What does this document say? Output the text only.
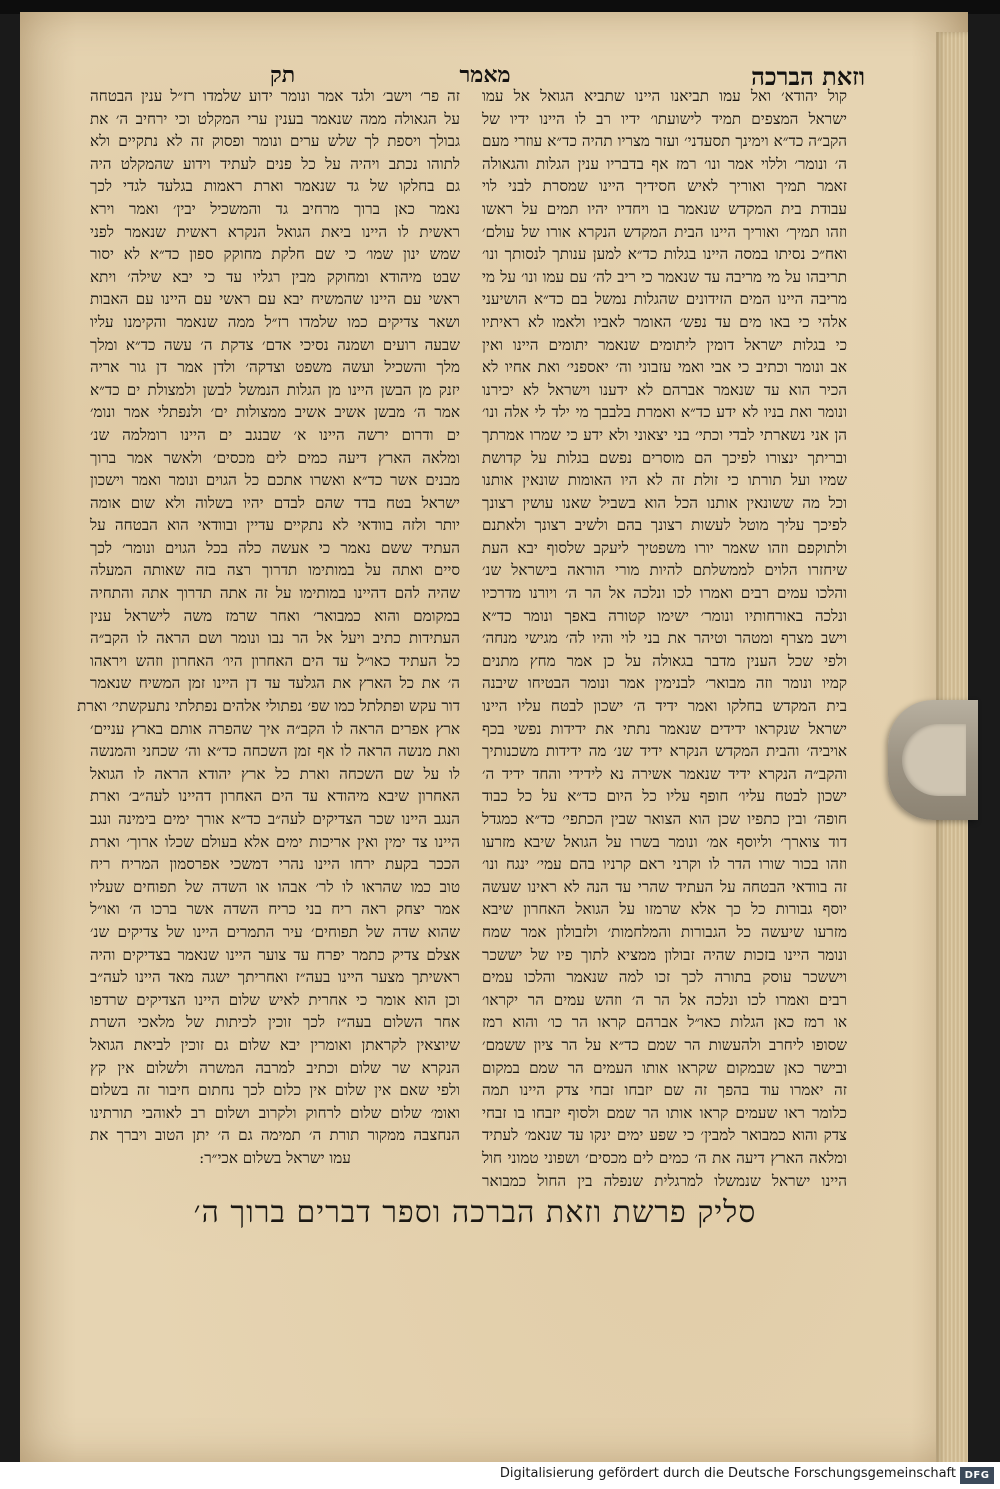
וזאת הברכה
מאמר
תק
קול יהודא׳ ואל עמו תביאנו היינו שתביא הגואל אל עמו
ישראל המצפים תמיד לישועתו׳ ידיו רב לו היינו ידיו של
הקב״ה כד״א וימינך תסעדני׳ ועזר מצריו תהיה כד״א עוזרי מעם
ה׳ ונומר׳ וללוי אמר ונו׳ רמז אף בדבריו ענין הגלות והגאולה
זאמר תמיך ואוריך לאיש חסידיך היינו שמסרת לבני לוי
עבודת בית המקדש שנאמר בו ויחדיו יהיו תמים על ראשו
וזהו תמיך׳ ואוריך היינו הבית המקדש הנקרא אורו של עולם׳
ואח״כ נסיתו במסה היינו בגלות כד״א למען ענותך לנסותך ונו׳
תריבהו על מי מריבה עד שנאמר כי ריב לה׳ עם עמו ונו׳ על מי
מריבה היינו המים הזידונים שהגלות נמשל בם כד״א הושיעני
אלהי כי באו מים עד נפש׳ האומר לאביו ולאמו לא ראיתיו
כי בגלות ישראל דומין ליתומים שנאמר יתומים היינו ואין
אב ונומר וכתיב כי אבי ואמי עזבוני וה׳ יאספני׳ ואת אחיו לא
הכיר הוא עד שנאמר אברהם לא ידענו וישראל לא יכירנו
ונומר ואת בניו לא ידע כד״א ואמרת בלבבך מי ילד לי אלה ונו׳
הן אני נשארתי לבדי וכתי׳ בני יצאוני ולא ידע כי שמרו אמרתך
ובריתך ינצורו לפיכך הם מוסרים נפשם בגלות על קדושת
שמיו ועל תורתו כי זולת זה לא היו האומות שונאין אותנו
וכל מה ששונאין אותנו הכל הוא בשביל שאנו עושין רצונך
לפיכך עליך מוטל לעשות רצונך בהם ולשיב רצונך ולאתנם
ולתוקפם וזהו שאמר יורו משפטיך ליעקב שלסוף יבא העת
שיחזרו הלוים לממשלתם להיות מורי הוראה בישראל שנ׳
והלכו עמים רבים ואמרו לכו ונלכה אל הר ה׳ ויורנו מדרכיו
ונלכה באורחותיו ונומר׳ ישימו קטורה באפך ונומר כד״א
וישב מצרף ומטהר וטיהר את בני לוי והיו לה׳ מגישי מנחה׳
ולפי שכל הענין מדבר בגאולה על כן אמר מחץ מתנים
קמיו ונומר וזה מבואר׳ לבנימין אמר ונומר הבטיחו שיבנה
בית המקדש בחלקו ואמר ידיד ה׳ ישכון לבטח עליו היינו
ישראל שנקראו ידידים שנאמר נתתי את ידידות נפשי בכף
אויביה׳ והבית המקדש הנקרא ידיד שנ׳ מה ידידות משכנותיך
והקב״ה הנקרא ידיד שנאמר אשירה נא לידידי והחד ידיד ה׳
ישכון לבטח עליו׳ חופף עליו כל היום כד״א על כל כבוד
חופה׳ ובין כתפיו שכן הוא הצואר שבין הכתפי׳ כד״א כמגדל
דוד צוארך׳ וליוסף אמ׳ ונומר בשרו על הגואל שיבא מזרעו
וזהו בכור שורו הדר לו וקרני ראם קרניו בהם עמי׳ ינגח ונו׳
זה בוודאי הבטחה על העתיד שהרי עד הנה לא ראינו שעשה
יוסף גבורות כל כך אלא שרמזו על הגואל האחרון שיבא
מזרעו שיעשה כל הגבורות והמלחמות׳ ולזבולון אמר שמח
ונומר היינו בזכות שהיה זבולון ממציא לתוך פיו של יששכר
ויששכר עוסק בתורה לכך זכו למה שנאמר והלכו עמים
רבים ואמרו לכו ונלכה אל הר ה׳ וזהש עמים הר יקראו׳
או רמז כאן הגלות כאו״ל אברהם קראו הר כו׳ והוא רמז
שסופו ליחרב ולהעשות הר שמם כד״א על הר ציון ששמם׳
ובישר כאן שבמקום שקראו אותו העמים הר שמם במקום
זה יאמרו עוד בהפך זה שם יזבחו זבחי צדק היינו תמה
כלומר ראו שעמים קראו אותו הר שמם ולסוף יזבחו בו זבחי
צדק והוא כמבואר למבין׳ כי שפע ימים ינקו עד שנאמ׳ לעתיד
ומלאה הארץ דיעה את ה׳ כמים לים מכסים׳ ושפוני טמוני חול
היינו ישראל שנמשלו למרגלית שנפלה בין החול כמבואר
זה פר׳ וישב׳ ולגד אמר ונומר ידוע שלמדו רז״ל ענין הבטחה
על הגאולה ממה שנאמר בענין ערי המקלט וכי ירחיב ה׳ את
גבולך ויספת לך שלש ערים ונומר ופסוק זה לא נתקיים ולא
לתוהו נכתב ויהיה על כל פנים לעתיד וידוע שהמקלט היה
גם בחלקו של גד שנאמר וארת ראמות בגלעד לגדי לכך
נאמר כאן ברוך מרחיב גד והמשכיל יבין׳ ואמר וירא
ראשית לו היינו ביאת הגואל הנקרא ראשית שנאמר לפני
שמש ינון שמו׳ כי שם חלקת מחוקק ספון כד״א לא יסור
שבט מיהודא ומחוקק מבין רגליו עד כי יבא שילה׳ ויתא
ראשי עם היינו שהמשיח יבא עם ראשי עם היינו עם האבות
ושאר צדיקים כמו שלמדו רז״ל ממה שנאמר והקימנו עליו
שבעה רועים ושמנה נסיכי אדם׳ צדקת ה׳ עשה כד״א ומלך
מלך והשכיל ועשה משפט וצדקה׳ ולדן אמר דן גור אריה
יזנק מן הבשן היינו מן הגלות הנמשל לבשן ולמצולת ים כד״א
אמר ה׳ מבשן אשיב אשיב ממצולות ים׳ ולנפתלי אמר ונומ׳
ים ודרום ירשה היינו א׳ שבנגב ים היינו רומלמה שנ׳
ומלאה הארץ דיעה כמים לים מכסים׳ ולאשר אמר ברוך
מבנים אשר כד״א ואשרו אתכם כל הגוים ונומר ואמר וישכון
ישראל בטח בדד שהם לבדם יהיו בשלוה ולא שום אומה
יותר ולזה בוודאי לא נתקיים עדיין ובוודאי הוא הבטחה על
העתיד ששם נאמר כי אעשה כלה בכל הגוים ונומר׳ לכך
סיים ואתה על במותימו תדרוך רצה בזה שאותה המעלה
שהיה להם דהיינו במותימו על זה אתה תדרוך אתה והתחיה
במקומם והוא כמבואר׳ ואחר שרמז משה לישראל ענין
העתידות כתיב ויעל אל הר נבו ונומר ושם הראה לו הקב״ה
כל העתיד כאו״ל עד הים האחרון היו׳ האחרון וזהש ויראהו
ה׳ את כל הארץ את הגלעד עד דן היינו זמן המשיח שנאמר
דור עקש ופתלתל כמו שפ׳ נפתולי אלהים נפתלתי נתעקשתי׳ וארת
ארץ אפרים הראה לו הקב״ה איך שהפרה אותם בארץ עניים׳
ואת מנשה הראה לו אף זמן השכחה כד״א וה׳ שכחני והמנשה
לו על שם השכחה וארת כל ארץ יהודא הראה לו הגואל
האחרון שיבא מיהודא עד הים האחרון דהיינו לעה״ב׳ וארת
הנגב היינו שכר הצדיקים לעה״ב כד״א אורך ימים בימינה ונגב
היינו צד ימין ואין אריכות ימים אלא בעולם שכלו ארוך׳ וארת
הככר בקעת ירחו היינו נהרי דמשכי אפרסמון המריח ריח
טוב כמו שהראו לו לר׳ אבהו או השדה של תפוחים שעליו
אמר יצחק ראה ריח בני כריח השדה אשר ברכו ה׳ ואו״ל
שהוא שדה של תפוחים׳ עיר התמרים היינו של צדיקים שנ׳
אצלם צדיק כתמר יפרח עד צוער היינו שנאמר בצדיקים והיה
ראשיתך מצער היינו בעה״ז ואחריתך ישגה מאד היינו לעה״ב
וכן הוא אומר כי אחרית לאיש שלום היינו הצדיקים שרדפו
אחר השלום בעה״ז לכך זוכין לכיתות של מלאכי השרת
שיוצאין לקראתן ואומרין יבא שלום גם זוכין לביאת הגואל
הנקרא שר שלום וכתיב למרבה המשרה ולשלום אין קץ
ולפי שאם אין שלום אין כלום לכך נחתום חיבור זה בשלום
ואומ׳ שלום שלום לרחוק ולקרוב ושלום רב לאוהבי תורתינו
הנחצבה ממקור תורת ה׳ תמימה גם ה׳ יתן הטוב ויברך את
עמו ישראל בשלום אכי״ר:
סליק פרשת וזאת הברכה וספר דברים ברוך ה׳
Digitalisierung gefördert durch die Deutsche Forschungsgemeinschaft DFG
